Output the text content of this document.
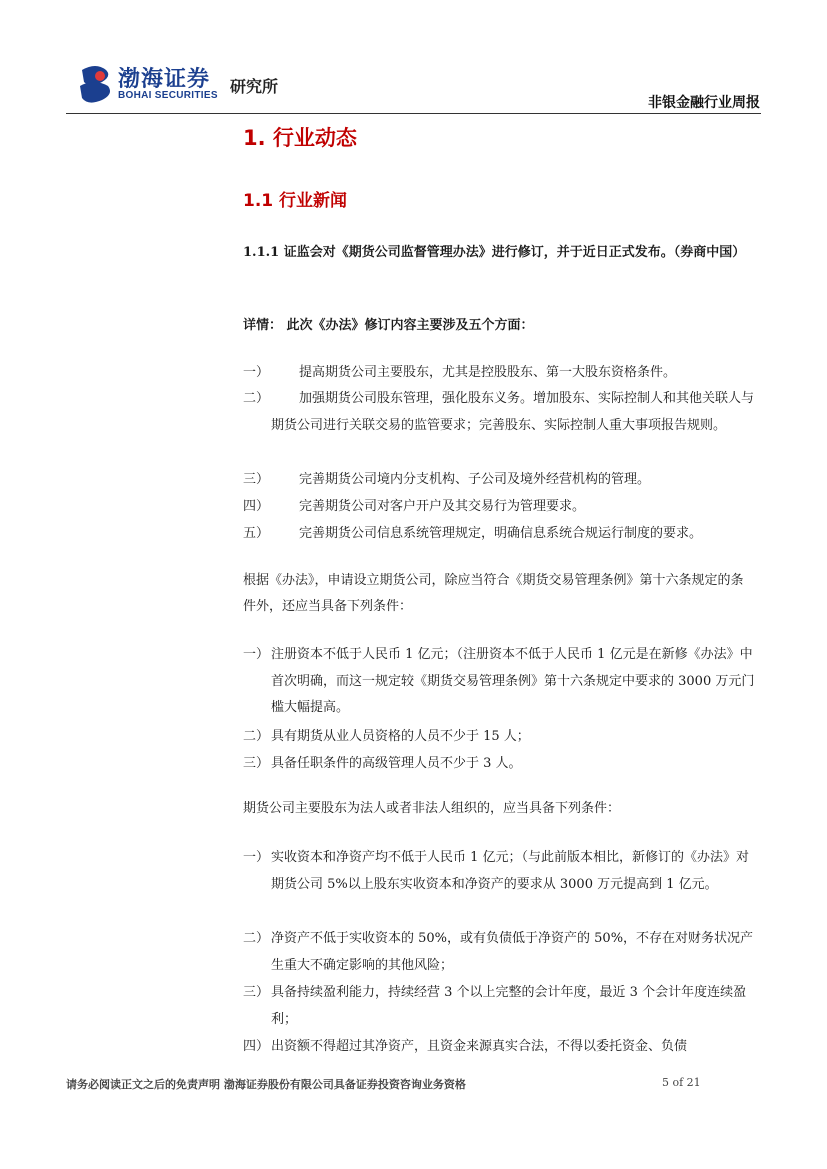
渤海证券
BOHAI SECURITIES 研究所
非银金融行业周报
1. 行业动态
1.1 行业新闻

1.1.1 证监会对《期货公司监督管理办法》进行修订，并于近日正式发布。（券商中国）

详情： 此次《办法》修订内容主要涉及五个方面：

一）	提高期货公司主要股东，尤其是控股股东、第一大股东资格条件。
二）	加强期货公司股东管理，强化股东义务。增加股东、实际控制人和其他关联人与期货公司进行关联交易的监管要求；完善股东、实际控制人重大事项报告规则。
三）	完善期货公司境内分支机构、子公司及境外经营机构的管理。
四）	完善期货公司对客户开户及其交易行为管理要求。
五）	完善期货公司信息系统管理规定，明确信息系统合规运行制度的要求。

根据《办法》，申请设立期货公司，除应当符合《期货交易管理条例》第十六条规定的条件外，还应当具备下列条件：

一） 注册资本不低于人民币 1 亿元；（注册资本不低于人民币 1 亿元是在新修《办法》中首次明确，而这一规定较《期货交易管理条例》第十六条规定中要求的 3000 万元门槛大幅提高。
二） 具有期货从业人员资格的人员不少于 15 人；
三） 具备任职条件的高级管理人员不少于 3 人。

期货公司主要股东为法人或者非法人组织的，应当具备下列条件：

一） 实收资本和净资产均不低于人民币 1 亿元；（与此前版本相比，新修订的《办法》对期货公司 5%以上股东实收资本和净资产的要求从 3000 万元提高到 1 亿元。
二） 净资产不低于实收资本的 50%，或有负债低于净资产的 50%，不存在对财务状况产生重大不确定影响的其他风险；
三） 具备持续盈利能力，持续经营 3 个以上完整的会计年度，最近 3 个会计年度连续盈利；
四） 出资额不得超过其净资产，且资金来源真实合法，不得以委托资金、负债
请务必阅读正文之后的免责声明 渤海证券股份有限公司具备证券投资咨询业务资格	5 of 21
